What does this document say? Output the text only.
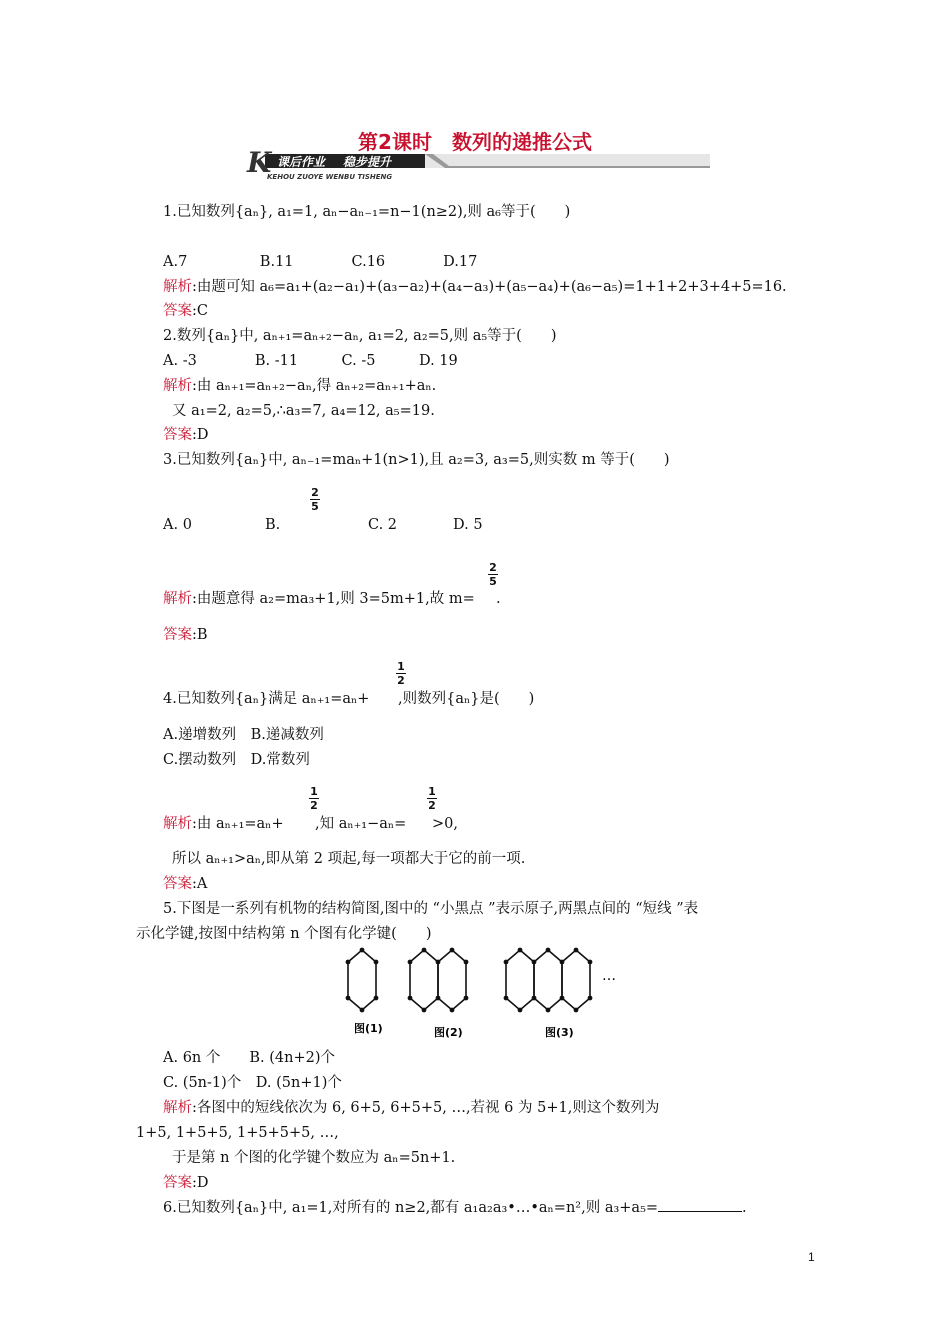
第2课时　数列的递推公式
K 课后作业 稳步提升
KEHOU ZUOYE WENBU TISHENG
1.已知数列{aₙ}, a₁=1, aₙ−aₙ₋₁=n−1(n≥2),则 a₆等于(　　)
A.7　　　　　B.11　　　　C.16　　　　D.17
解析:由题可知 a₆=a₁+(a₂−a₁)+(a₃−a₂)+(a₄−a₃)+(a₅−a₄)+(a₆−a₅)=1+1+2+3+4+5=16.
答案:C
2.数列{aₙ}中, aₙ₊₁=aₙ₊₂−aₙ, a₁=2, a₂=5,则 a₅等于(　　)
A. -3　　　　B. -11　　　C. -5　　　D. 19
解析:由 aₙ₊₁=aₙ₊₂−aₙ,得 aₙ₊₂=aₙ₊₁+aₙ.
又 a₁=2, a₂=5,∴a₃=7, a₄=12, a₅=19.
答案:D
3.已知数列{aₙ}中, aₙ₋₁=maₙ+1(n>1),且 a₂=3, a₃=5,则实数 m 等于(　　)
2
5
A. 0	B.	C. 2	D. 5
2
5
解析:由题意得 a₂=ma₃+1,则 3=5m+1,故 m= .
答案:B
1
2
4.已知数列{aₙ}满足 aₙ₊₁=aₙ+ ,则数列{aₙ}是(　　)
A.递增数列　B.递减数列
C.摆动数列　D.常数列
1
2
1
2
解析:由 aₙ₊₁=aₙ+ ,知 aₙ₊₁−aₙ= >0,
所以 aₙ₊₁>aₙ,即从第 2 项起,每一项都大于它的前一项.
答案:A
5.下图是一系列有机物的结构简图,图中的 “小黑点 ”表示原子,两黑点间的 “短线 ”表
示化学键,按图中结构第 n 个图有化学键(　　)
…
图(1)	图(2)	图(3)
A. 6n 个　　B. (4n+2)个
C. (5n-1)个　D. (5n+1)个
解析:各图中的短线依次为 6, 6+5, 6+5+5, …,若视 6 为 5+1,则这个数列为
1+5, 1+5+5, 1+5+5+5, …,
于是第 n 个图的化学键个数应为 aₙ=5n+1.
答案:D
6.已知数列{aₙ}中, a₁=1,对所有的 n≥2,都有 a₁a₂a₃•…•aₙ=n²,则 a₃+a₅=	.
1
